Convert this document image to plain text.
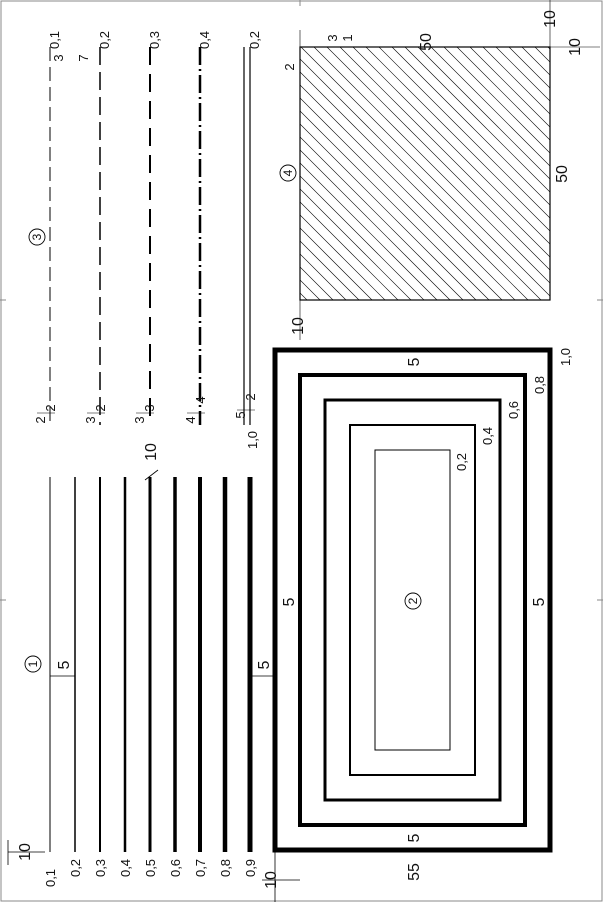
0,1
0,2 0,3 0,4 0,5 0,6 0,7 0,8 0,9
10
5
10
1
1,0
0,8
0,6
0,4
0,2
5
5	5
5
5
10	55
2
0,1	0,2	0,3	0,4	0,2
3 7
2
2
3
2
3
3
4
4
5
2
1,0
3
50
50
2
3 1
10
10
10
4
